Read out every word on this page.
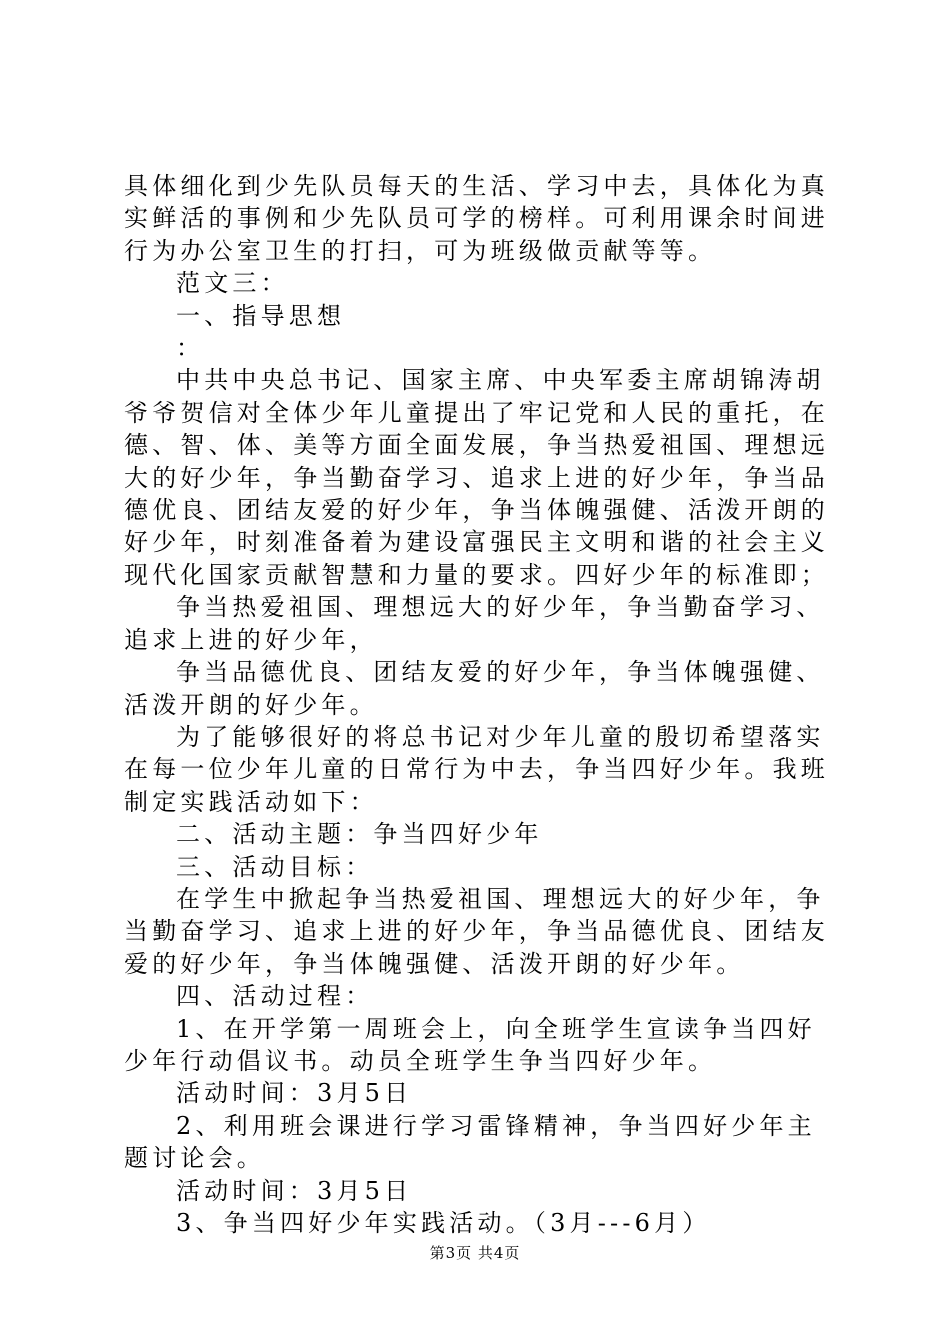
具体细化到少先队员每天的生活、学习中去，具体化为真实鲜活的事例和少先队员可学的榜样。可利用课余时间进行为办公室卫生的打扫，可为班级做贡献等等。

范文三：

一、指导思想

：

中共中央总书记、国家主席、中央军委主席胡锦涛胡爷爷贺信对全体少年儿童提出了牢记党和人民的重托，在德、智、体、美等方面全面发展，争当热爱祖国、理想远大的好少年，争当勤奋学习、追求上进的好少年，争当品德优良、团结友爱的好少年，争当体魄强健、活泼开朗的好少年，时刻准备着为建设富强民主文明和谐的社会主义现代化国家贡献智慧和力量的要求。四好少年的标准即；

争当热爱祖国、理想远大的好少年，争当勤奋学习、追求上进的好少年，

争当品德优良、团结友爱的好少年，争当体魄强健、活泼开朗的好少年。

为了能够很好的将总书记对少年儿童的殷切希望落实在每一位少年儿童的日常行为中去，争当四好少年。我班制定实践活动如下：

二、活动主题：争当四好少年

三、活动目标：

在学生中掀起争当热爱祖国、理想远大的好少年，争当勤奋学习、追求上进的好少年，争当品德优良、团结友爱的好少年，争当体魄强健、活泼开朗的好少年。

四、活动过程：

1、在开学第一周班会上，向全班学生宣读争当四好少年行动倡议书。动员全班学生争当四好少年。

活动时间：3月5日

2、利用班会课进行学习雷锋精神，争当四好少年主题讨论会。

活动时间：3月5日

3、争当四好少年实践活动。（3月---6月）

第3页 共4页
